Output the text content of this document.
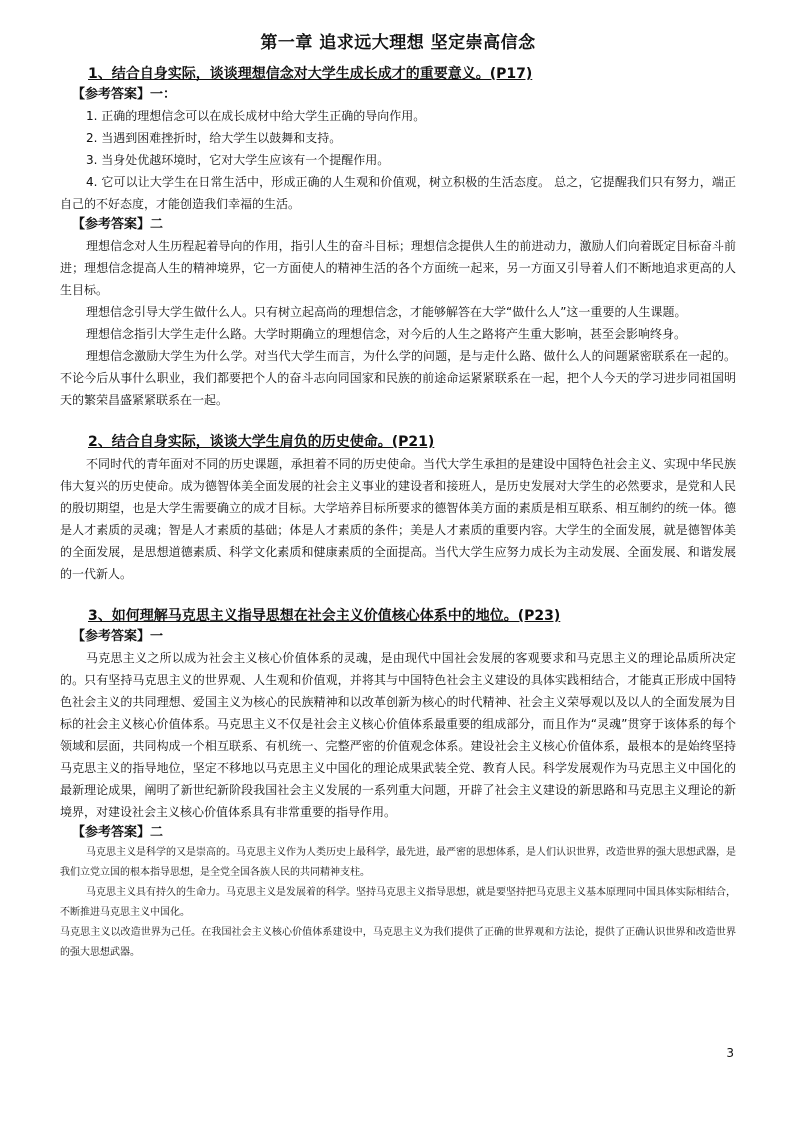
第一章 追求远大理想 坚定崇高信念

1、结合自身实际，谈谈理想信念对大学生成长成才的重要意义。(P17)

【参考答案】一：

1. 正确的理想信念可以在成长成材中给大学生正确的导向作用。

2. 当遇到困难挫折时，给大学生以鼓舞和支持。

3. 当身处优越环境时，它对大学生应该有一个提醒作用。

4. 它可以让大学生在日常生活中，形成正确的人生观和价值观，树立积极的生活态度。 总之，它提醒我们只有努力，端正自己的不好态度，才能创造我们幸福的生活。

【参考答案】二

理想信念对人生历程起着导向的作用，指引人生的奋斗目标；理想信念提供人生的前进动力，激励人们向着既定目标奋斗前进；理想信念提高人生的精神境界，它一方面使人的精神生活的各个方面统一起来，另一方面又引导着人们不断地追求更高的人生目标。

理想信念引导大学生做什么人。只有树立起高尚的理想信念，才能够解答在大学“做什么人”这一重要的人生课题。

理想信念指引大学生走什么路。大学时期确立的理想信念，对今后的人生之路将产生重大影响，甚至会影响终身。

理想信念激励大学生为什么学。对当代大学生而言，为什么学的问题，是与走什么路、做什么人的问题紧密联系在一起的。不论今后从事什么职业，我们都要把个人的奋斗志向同国家和民族的前途命运紧紧联系在一起，把个人今天的学习进步同祖国明天的繁荣昌盛紧紧联系在一起。

2、结合自身实际，谈谈大学生肩负的历史使命。(P21)

不同时代的青年面对不同的历史课题，承担着不同的历史使命。当代大学生承担的是建设中国特色社会主义、实现中华民族伟大复兴的历史使命。成为德智体美全面发展的社会主义事业的建设者和接班人，是历史发展对大学生的必然要求，是党和人民的殷切期望，也是大学生需要确立的成才目标。大学培养目标所要求的德智体美方面的素质是相互联系、相互制约的统一体。德是人才素质的灵魂；智是人才素质的基础；体是人才素质的条件；美是人才素质的重要内容。大学生的全面发展，就是德智体美的全面发展，是思想道德素质、科学文化素质和健康素质的全面提高。当代大学生应努力成长为主动发展、全面发展、和谐发展的一代新人。

3、如何理解马克思主义指导思想在社会主义价值核心体系中的地位。(P23)

【参考答案】一

马克思主义之所以成为社会主义核心价值体系的灵魂，是由现代中国社会发展的客观要求和马克思主义的理论品质所决定的。只有坚持马克思主义的世界观、人生观和价值观，并将其与中国特色社会主义建设的具体实践相结合，才能真正形成中国特色社会主义的共同理想、爱国主义为核心的民族精神和以改革创新为核心的时代精神、社会主义荣辱观以及以人的全面发展为目标的社会主义核心价值体系。马克思主义不仅是社会主义核心价值体系最重要的组成部分，而且作为“灵魂”贯穿于该体系的每个领域和层面，共同构成一个相互联系、有机统一、完整严密的价值观念体系。建设社会主义核心价值体系，最根本的是始终坚持马克思主义的指导地位，坚定不移地以马克思主义中国化的理论成果武装全党、教育人民。科学发展观作为马克思主义中国化的最新理论成果，阐明了新世纪新阶段我国社会主义发展的一系列重大问题，开辟了社会主义建设的新思路和马克思主义理论的新境界，对建设社会主义核心价值体系具有非常重要的指导作用。

【参考答案】二

马克思主义是科学的又是崇高的。马克思主义作为人类历史上最科学，最先进，最严密的思想体系，是人们认识世界，改造世界的强大思想武器，是我们立党立国的根本指导思想，是全党全国各族人民的共同精神支柱。

马克思主义具有持久的生命力。马克思主义是发展着的科学。坚持马克思主义指导思想，就是要坚持把马克思主义基本原理同中国具体实际相结合，不断推进马克思主义中国化。

马克思主义以改造世界为己任。在我国社会主义核心价值体系建设中，马克思主义为我们提供了正确的世界观和方法论，提供了正确认识世界和改造世界的强大思想武器。

3
